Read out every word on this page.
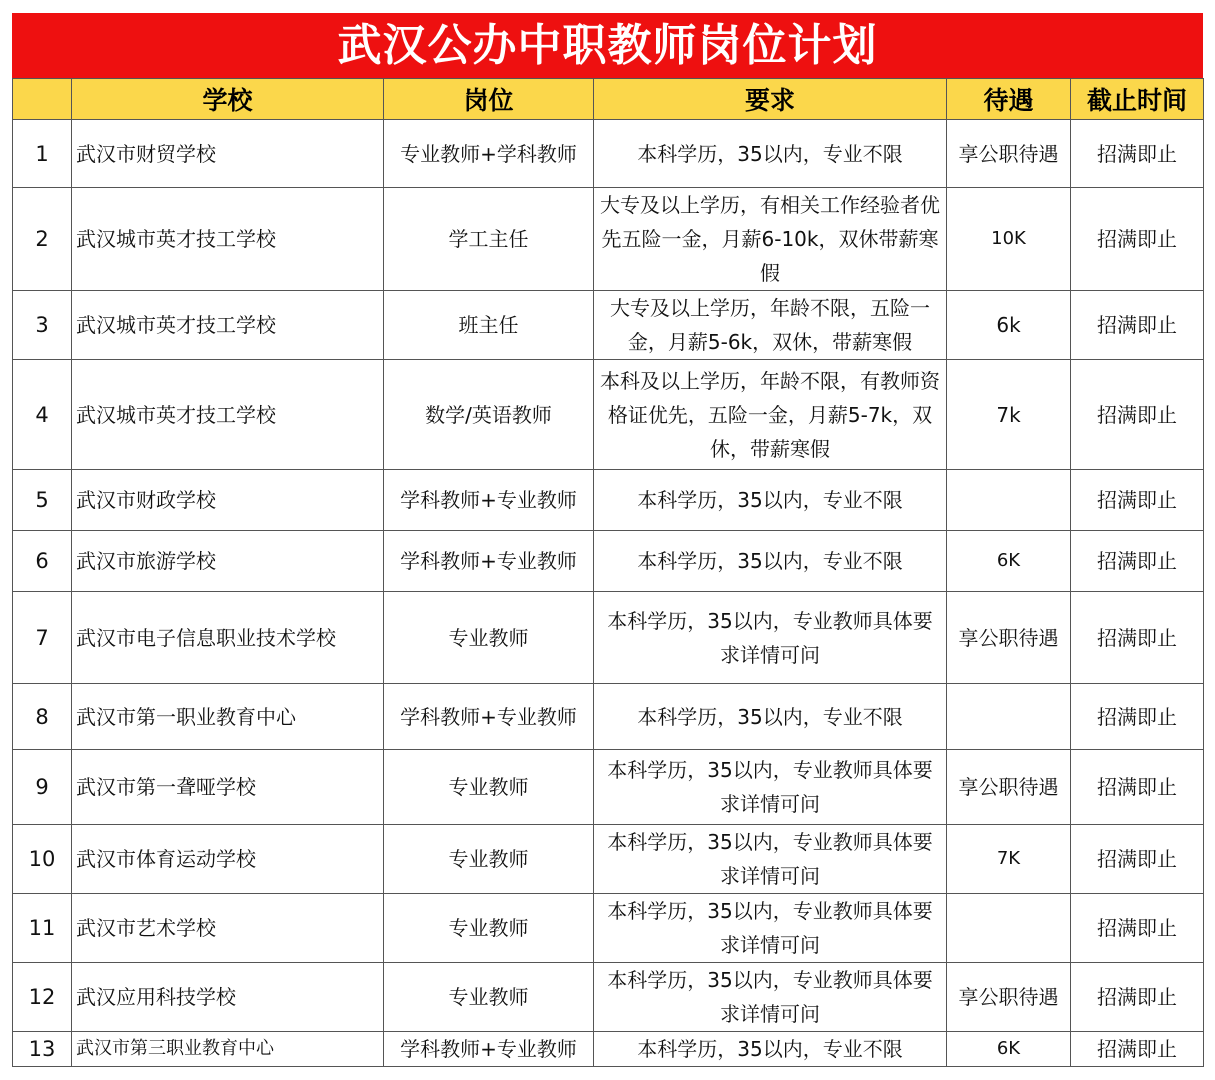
武汉公办中职教师岗位计划
	学校	岗位	要求	待遇	截止时间
1	武汉市财贸学校	专业教师+学科教师	本科学历，35以内，专业不限	享公职待遇	招满即止
2	武汉城市英才技工学校	学工主任	大专及以上学历，有相关工作经验者优先五险一金，月薪6-10k，双休带薪寒假	10K	招满即止
3	武汉城市英才技工学校	班主任	大专及以上学历，年龄不限，五险一金，月薪5-6k，双休，带薪寒假	6k	招满即止
4	武汉城市英才技工学校	数学/英语教师	本科及以上学历，年龄不限，有教师资格证优先，五险一金，月薪5-7k，双休，带薪寒假	7k	招满即止
5	武汉市财政学校	学科教师+专业教师	本科学历，35以内，专业不限		招满即止
6	武汉市旅游学校	学科教师+专业教师	本科学历，35以内，专业不限	6K	招满即止
7	武汉市电子信息职业技术学校	专业教师	本科学历，35以内，专业教师具体要求详情可问	享公职待遇	招满即止
8	武汉市第一职业教育中心	学科教师+专业教师	本科学历，35以内，专业不限		招满即止
9	武汉市第一聋哑学校	专业教师	本科学历，35以内，专业教师具体要求详情可问	享公职待遇	招满即止
10	武汉市体育运动学校	专业教师	本科学历，35以内，专业教师具体要求详情可问	7K	招满即止
11	武汉市艺术学校	专业教师	本科学历，35以内，专业教师具体要求详情可问		招满即止
12	武汉应用科技学校	专业教师	本科学历，35以内，专业教师具体要求详情可问	享公职待遇	招满即止
13	武汉市第三职业教育中心	学科教师+专业教师	本科学历，35以内，专业不限	6K	招满即止
